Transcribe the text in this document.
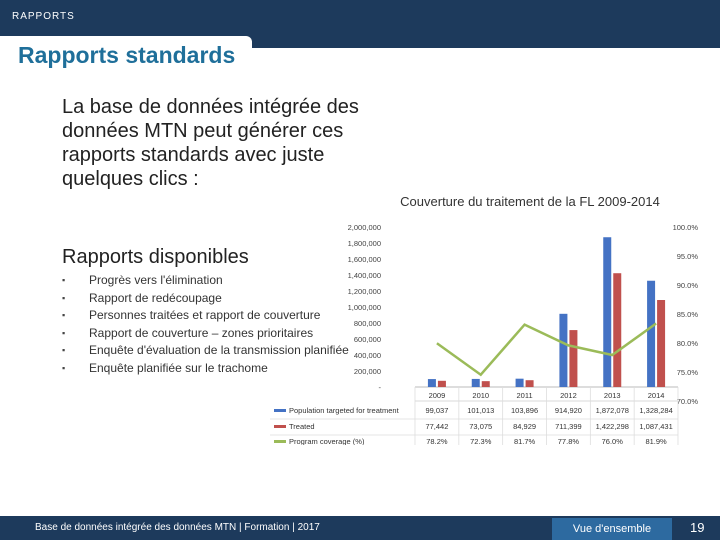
RAPPORTS
Rapports standards
La base de données intégrée des données MTN peut générer ces rapports standards avec juste quelques clics :
Rapports disponibles
▪ Progrès vers l'élimination
▪ Rapport de redécoupage
▪ Personnes traitées et rapport de couverture
▪ Rapport de couverture – zones prioritaires
▪ Enquête d'évaluation de la transmission planifiée
▪ Enquête planifiée sur le trachome
Couverture du traitement de la FL 2009-2014
-
200,000
400,000
600,000
800,000
1,000,000
1,200,000
1,400,000
1,600,000
1,800,000
2,000,000
70.0%
75.0%
80.0%
85.0%
90.0%
95.0%
100.0%
2009	2010	2011	2012	2013	2014
Population targeted for treatment	99,037	101,013 103,896 914,920 1,872,078 1,328,284
Treated	77,442	73,075	84,929	711,399 1,422,298 1,087,431
Program coverage (%)	78.2%	72.3%	81.7%	77.8%	76.0%	81.9%
Base de données intégrée des données MTN | Formation | 2017	Vue d'ensemble	19
